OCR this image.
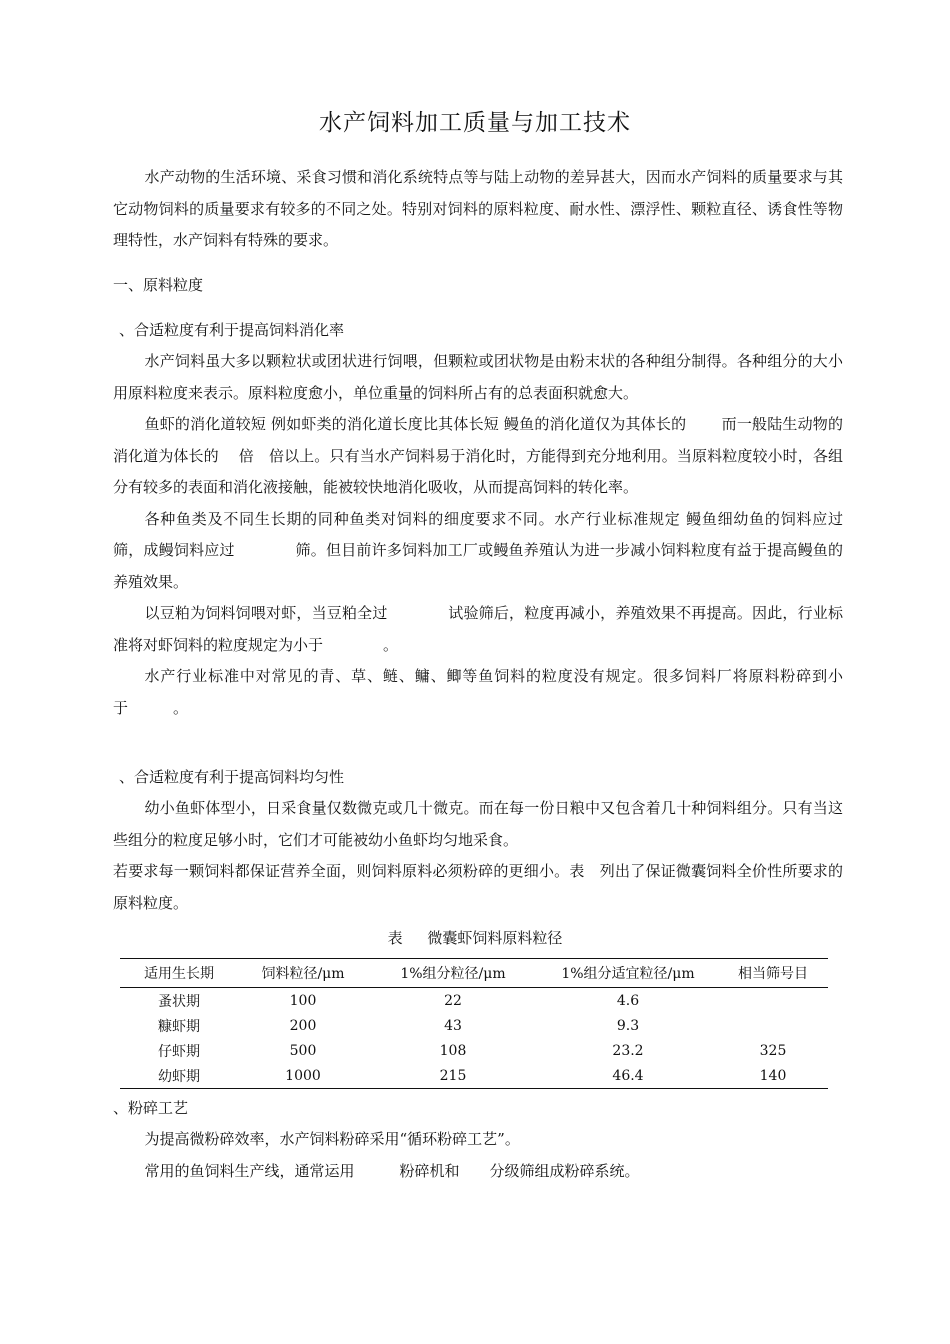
水产饲料加工质量与加工技术

水产动物的生活环境、采食习惯和消化系统特点等与陆上动物的差异甚大，因而水产饲料的质量要求与其它动物饲料的质量要求有较多的不同之处。特别对饲料的原料粒度、耐水性、漂浮性、颗粒直径、诱食性等物理特性，水产饲料有特殊的要求。

一、原料粒度
、合适粒度有利于提高饲料消化率

水产饲料虽大多以颗粒状或团状进行饲喂，但颗粒或团状物是由粉末状的各种组分制得。各种组分的大小用原料粒度来表示。原料粒度愈小，单位重量的饲料所占有的总表面积就愈大。

鱼虾的消化道较短 例如虾类的消化道长度比其体长短 鳗鱼的消化道仅为其体长的　　 而一般陆生动物的消化道为体长的　 倍　倍以上。只有当水产饲料易于消化时，方能得到充分地利用。当原料粒度较小时，各组分有较多的表面和消化液接触，能被较快地消化吸收，从而提高饲料的转化率。

各种鱼类及不同生长期的同种鱼类对饲料的细度要求不同。水产行业标准规定 鳗鱼细幼鱼的饲料应过　　　　筛，成鳗饲料应过　　　　筛。但目前许多饲料加工厂或鳗鱼养殖认为进一步减小饲料粒度有益于提高鳗鱼的养殖效果。

以豆粕为饲料饲喂对虾，当豆粕全过　　　　试验筛后，粒度再减小，养殖效果不再提高。因此，行业标准将对虾饲料的粒度规定为小于　　　　。

水产行业标准中对常见的青、草、鲢、鳙、鲫等鱼饲料的粒度没有规定。很多饲料厂将原料粉碎到小于　　　。

、合适粒度有利于提高饲料均匀性

幼小鱼虾体型小，日采食量仅数微克或几十微克。而在每一份日粮中又包含着几十种饲料组分。只有当这些组分的粒度足够小时，它们才可能被幼小鱼虾均匀地采食。

若要求每一颗饲料都保证营养全面，则饲料原料必须粉碎的更细小。表　列出了保证微囊饲料全价性所要求的原料粒度。

表 微囊虾饲料原料粒径
适用生长期	饲料粒径/μm	1%组分粒径/μm	1%组分适宜粒径/μm	相当筛号目
蚤状期	100	22	4.6	
糠虾期	200	43	9.3	
仔虾期	500	108	23.2	325
幼虾期	1000	215	46.4	140
、粉碎工艺

为提高微粉碎效率，水产饲料粉碎采用“循环粉碎工艺”。

常用的鱼饲料生产线，通常运用　　　粉碎机和　　分级筛组成粉碎系统。
